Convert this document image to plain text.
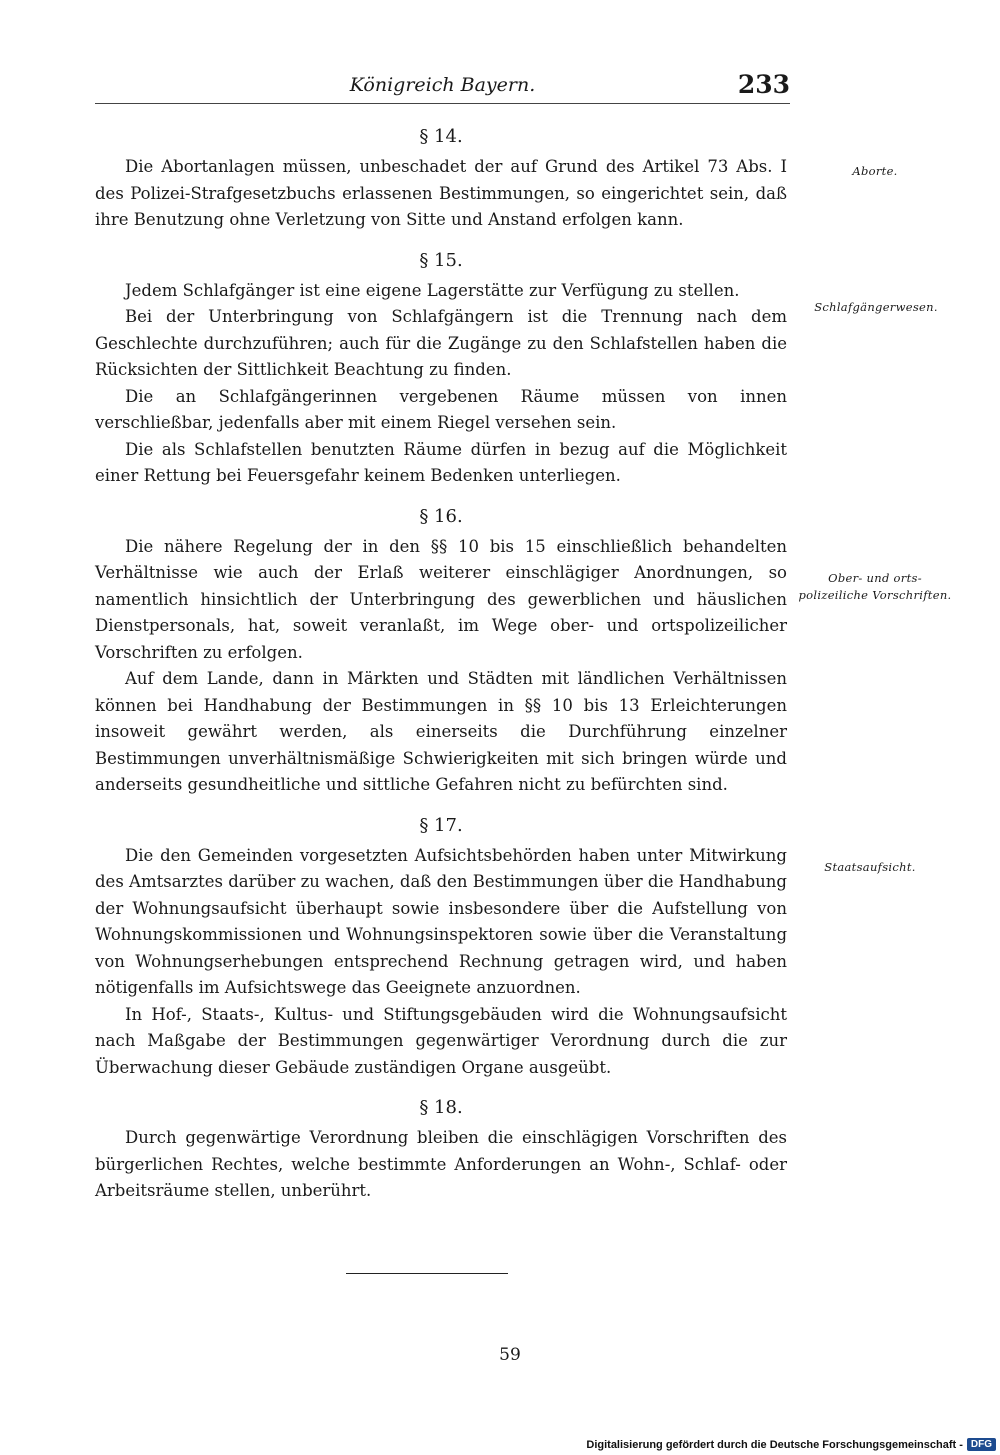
Königreich Bayern.	233
§ 14.

Die Abortanlagen müssen, unbeschadet der auf Grund des Artikel 73 Abs. I des Polizei-Strafgesetzbuchs erlassenen Bestimmungen, so eingerichtet sein, daß ihre Benutzung ohne Verletzung von Sitte und Anstand erfolgen kann.

§ 15.

Jedem Schlafgänger ist eine eigene Lagerstätte zur Verfügung zu stellen.

Bei der Unterbringung von Schlafgängern ist die Trennung nach dem Geschlechte durchzuführen; auch für die Zugänge zu den Schlafstellen haben die Rücksichten der Sittlichkeit Beachtung zu finden.

Die an Schlafgängerinnen vergebenen Räume müssen von innen verschließbar, jedenfalls aber mit einem Riegel versehen sein.

Die als Schlafstellen benutzten Räume dürfen in bezug auf die Möglichkeit einer Rettung bei Feuersgefahr keinem Bedenken unterliegen.

§ 16.

Die nähere Regelung der in den §§ 10 bis 15 einschließlich behandelten Verhältnisse wie auch der Erlaß weiterer einschlägiger Anordnungen, so namentlich hinsichtlich der Unterbringung des gewerblichen und häuslichen Dienstpersonals, hat, soweit veranlaßt, im Wege ober- und ortspolizeilicher Vorschriften zu erfolgen.

Auf dem Lande, dann in Märkten und Städten mit ländlichen Verhältnissen können bei Handhabung der Bestimmungen in §§ 10 bis 13 Erleichterungen insoweit gewährt werden, als einerseits die Durchführung einzelner Bestimmungen unverhältnismäßige Schwierigkeiten mit sich bringen würde und anderseits gesundheitliche und sittliche Gefahren nicht zu befürchten sind.

§ 17.

Die den Gemeinden vorgesetzten Aufsichtsbehörden haben unter Mitwirkung des Amtsarztes darüber zu wachen, daß den Bestimmungen über die Handhabung der Wohnungsaufsicht überhaupt sowie insbesondere über die Aufstellung von Wohnungskommissionen und Wohnungsinspektoren sowie über die Veranstaltung von Wohnungserhebungen entsprechend Rechnung getragen wird, und haben nötigenfalls im Aufsichtswege das Geeignete anzuordnen.

In Hof-, Staats-, Kultus- und Stiftungsgebäuden wird die Wohnungsaufsicht nach Maßgabe der Bestimmungen gegenwärtiger Verordnung durch die zur Überwachung dieser Gebäude zuständigen Organe ausgeübt.

§ 18.

Durch gegenwärtige Verordnung bleiben die einschlägigen Vorschriften des bürgerlichen Rechtes, welche bestimmte Anforderungen an Wohn-, Schlaf- oder Arbeitsräume stellen, unberührt.

Aborte.
Schlafgängerwesen.
Ober- und orts-
polizeiliche Vorschriften.
Staatsaufsicht.
59
Digitalisierung gefördert durch die Deutsche Forschungsgemeinschaft - DFG
